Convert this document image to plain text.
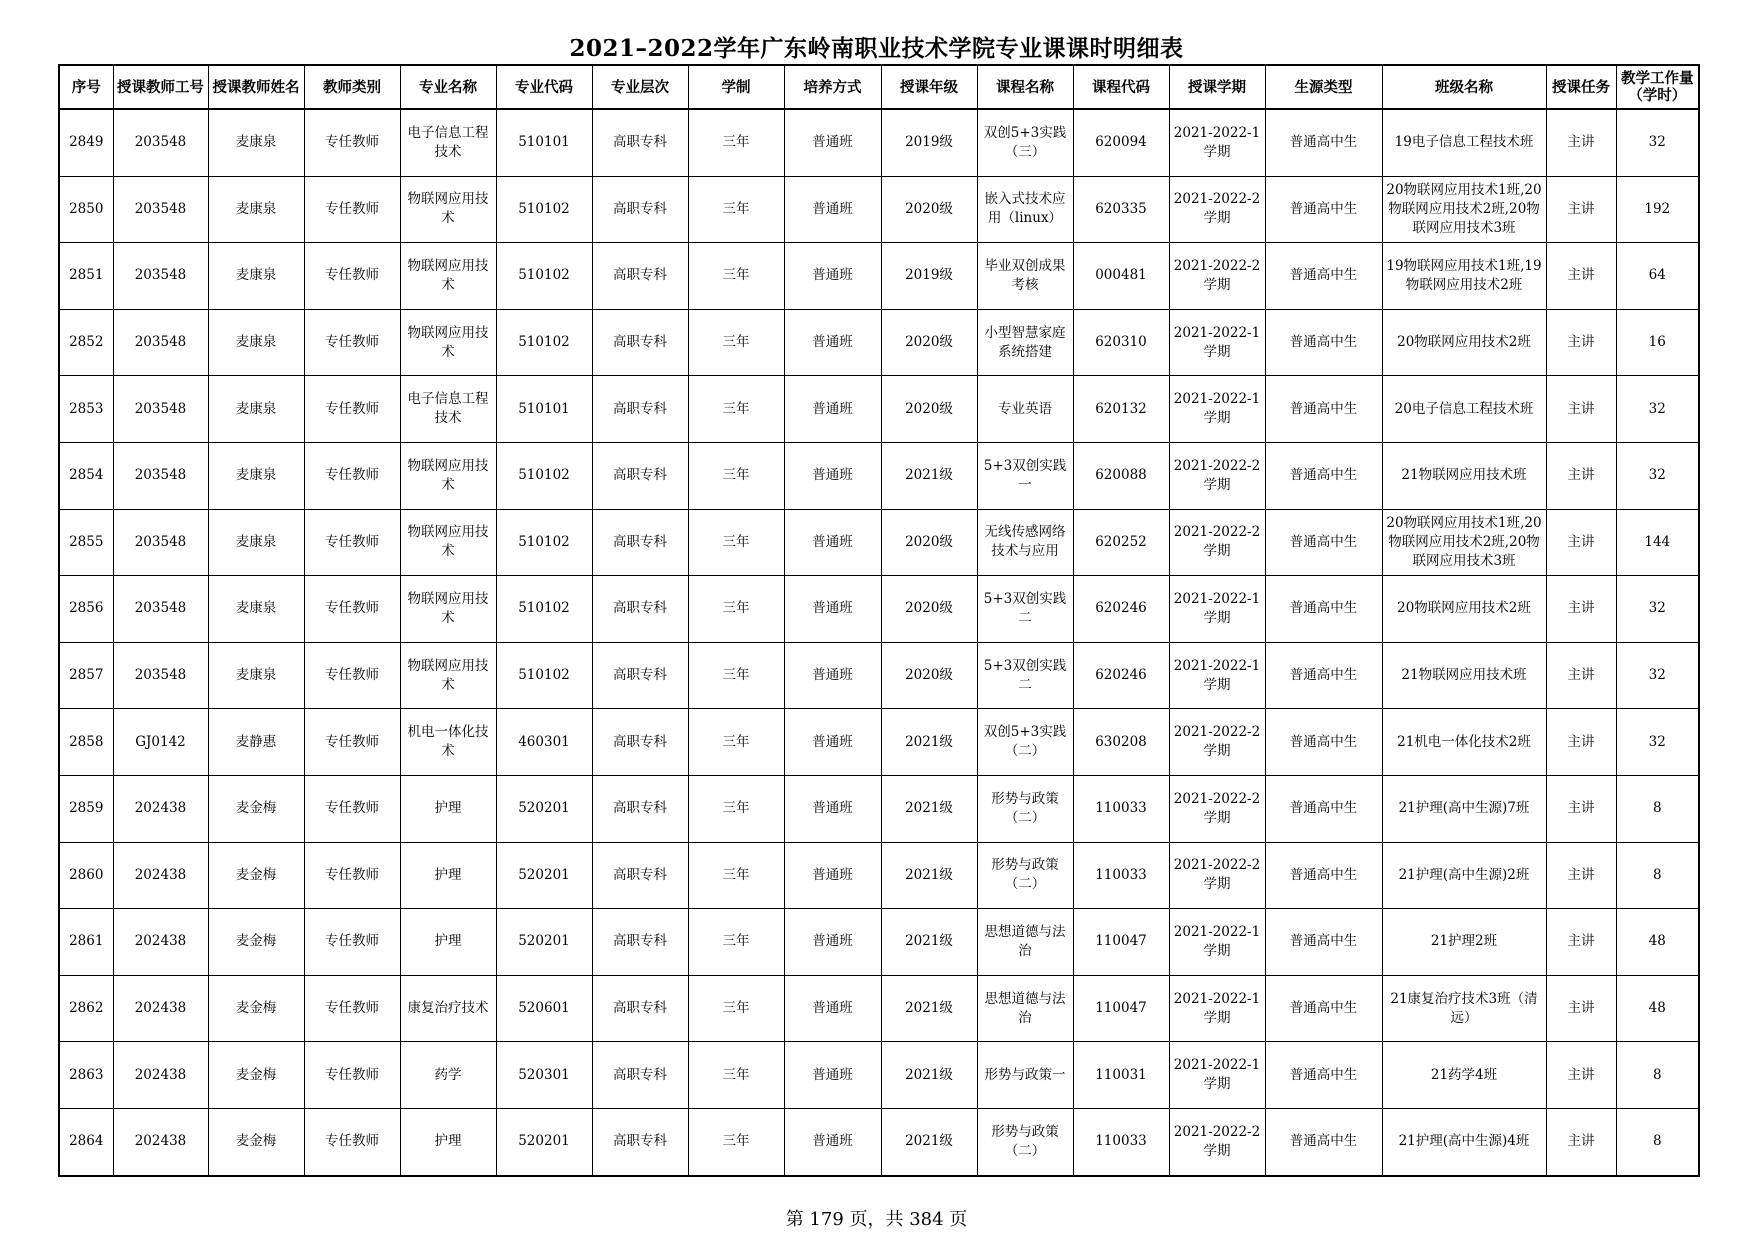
2021–2022学年广东岭南职业技术学院专业课课时明细表
序号	授课教师工号	授课教师姓名	教师类别	专业名称	专业代码	专业层次	学制	培养方式	授课年级	课程名称	课程代码	授课学期	生源类型	班级名称	授课任务	教学工作量（学时）

2849	203548	麦康泉	专任教师	电子信息工程技术	510101	高职专科	三年	普通班	2019级	双创5+3实践（三）	620094	2021-2022-1学期	普通高中生	19电子信息工程技术班	主讲	32

2850	203548	麦康泉	专任教师	物联网应用技术	510102	高职专科	三年	普通班	2020级	嵌入式技术应用（linux）	620335	2021-2022-2学期	普通高中生	20物联网应用技术1班,20物联网应用技术2班,20物联网应用技术3班	主讲	192

2851	203548	麦康泉	专任教师	物联网应用技术	510102	高职专科	三年	普通班	2019级	毕业双创成果考核	000481	2021-2022-2学期	普通高中生	19物联网应用技术1班,19物联网应用技术2班	主讲	64

2852	203548	麦康泉	专任教师	物联网应用技术	510102	高职专科	三年	普通班	2020级	小型智慧家庭系统搭建	620310	2021-2022-1学期	普通高中生	20物联网应用技术2班	主讲	16

2853	203548	麦康泉	专任教师	电子信息工程技术	510101	高职专科	三年	普通班	2020级	专业英语	620132	2021-2022-1学期	普通高中生	20电子信息工程技术班	主讲	32

2854	203548	麦康泉	专任教师	物联网应用技术	510102	高职专科	三年	普通班	2021级	5+3双创实践一	620088	2021-2022-2学期	普通高中生	21物联网应用技术班	主讲	32

2855	203548	麦康泉	专任教师	物联网应用技术	510102	高职专科	三年	普通班	2020级	无线传感网络技术与应用	620252	2021-2022-2学期	普通高中生	20物联网应用技术1班,20物联网应用技术2班,20物联网应用技术3班	主讲	144

2856	203548	麦康泉	专任教师	物联网应用技术	510102	高职专科	三年	普通班	2020级	5+3双创实践二	620246	2021-2022-1学期	普通高中生	20物联网应用技术2班	主讲	32

2857	203548	麦康泉	专任教师	物联网应用技术	510102	高职专科	三年	普通班	2020级	5+3双创实践二	620246	2021-2022-1学期	普通高中生	21物联网应用技术班	主讲	32

2858	GJ0142	麦静惠	专任教师	机电一体化技术	460301	高职专科	三年	普通班	2021级	双创5+3实践（二）	630208	2021-2022-2学期	普通高中生	21机电一体化技术2班	主讲	32

2859	202438	麦金梅	专任教师	护理	520201	高职专科	三年	普通班	2021级	形势与政策（二）	110033	2021-2022-2学期	普通高中生	21护理(高中生源)7班	主讲	8

2860	202438	麦金梅	专任教师	护理	520201	高职专科	三年	普通班	2021级	形势与政策（二）	110033	2021-2022-2学期	普通高中生	21护理(高中生源)2班	主讲	8

2861	202438	麦金梅	专任教师	护理	520201	高职专科	三年	普通班	2021级	思想道德与法治	110047	2021-2022-1学期	普通高中生	21护理2班	主讲	48

2862	202438	麦金梅	专任教师	康复治疗技术	520601	高职专科	三年	普通班	2021级	思想道德与法治	110047	2021-2022-1学期	普通高中生	21康复治疗技术3班（清远）	主讲	48

2863	202438	麦金梅	专任教师	药学	520301	高职专科	三年	普通班	2021级	形势与政策一	110031	2021-2022-1学期	普通高中生	21药学4班	主讲	8

2864	202438	麦金梅	专任教师	护理	520201	高职专科	三年	普通班	2021级	形势与政策（二）	110033	2021-2022-2学期	普通高中生	21护理(高中生源)4班	主讲	8
第 179 页，共 384 页
